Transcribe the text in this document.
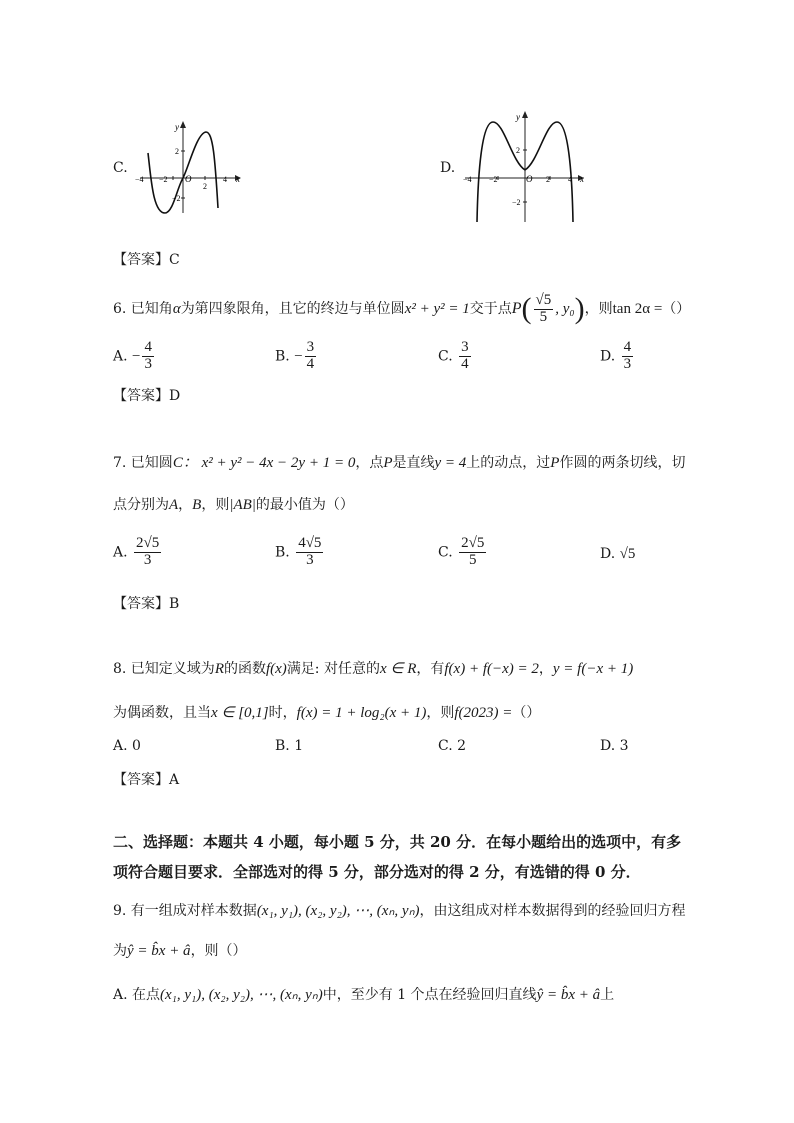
C.
−4 −2 O
2
4 x
y
2
−2
D.
−4 −2	O 2 4 x
y
2
−2
【答案】C
6. 已知角α为第四象限角，且它的终边与单位圆x² + y² = 1交于点$P( \frac{√5}{5}$ , y₀)，则tan 2α =（）
A. − $\frac{4}{3}$	B. − $\frac{3}{4}$	C. $\frac{3}{4}$	D. $\frac{4}{3}$
【答案】D
7. 已知圆C： x² + y² − 4x − 2y + 1 = 0，点P是直线y = 4上的动点，过P作圆的两条切线，切
点分别为A，B，则|AB|的最小值为（）
A. $\frac{2√5}{3}$	B. $\frac{4√5}{3}$	C. $\frac{2√5}{5}$	D. √5
【答案】B
8. 已知定义域为R的函数f(x)满足: 对任意的x ∈ R，有f(x) + f(−x) = 2，y = f(−x + 1)
为偶函数，且当x ∈ [0,1]时，f(x) = 1 + log₂(x + 1)，则f(2023) =（）
A. 0	B. 1	C. 2	D. 3
【答案】A
二、选择题：本题共 4 小题，每小题 5 分，共 20 分．在每小题给出的选项中，有多
项符合题目要求．全部选对的得 5 分，部分选对的得 2 分，有选错的得 0 分．
9. 有一组成对样本数据(x₁, y₁), (x₂, y₂), ⋯, (xₙ, yₙ)，由这组成对样本数据得到的经验回归方程
为ŷ = b̂x + â，则（）
A. 在点(x₁, y₁), (x₂, y₂), ⋯, (xₙ, yₙ)中，至少有 1 个点在经验回归直线ŷ = b̂x + â上
